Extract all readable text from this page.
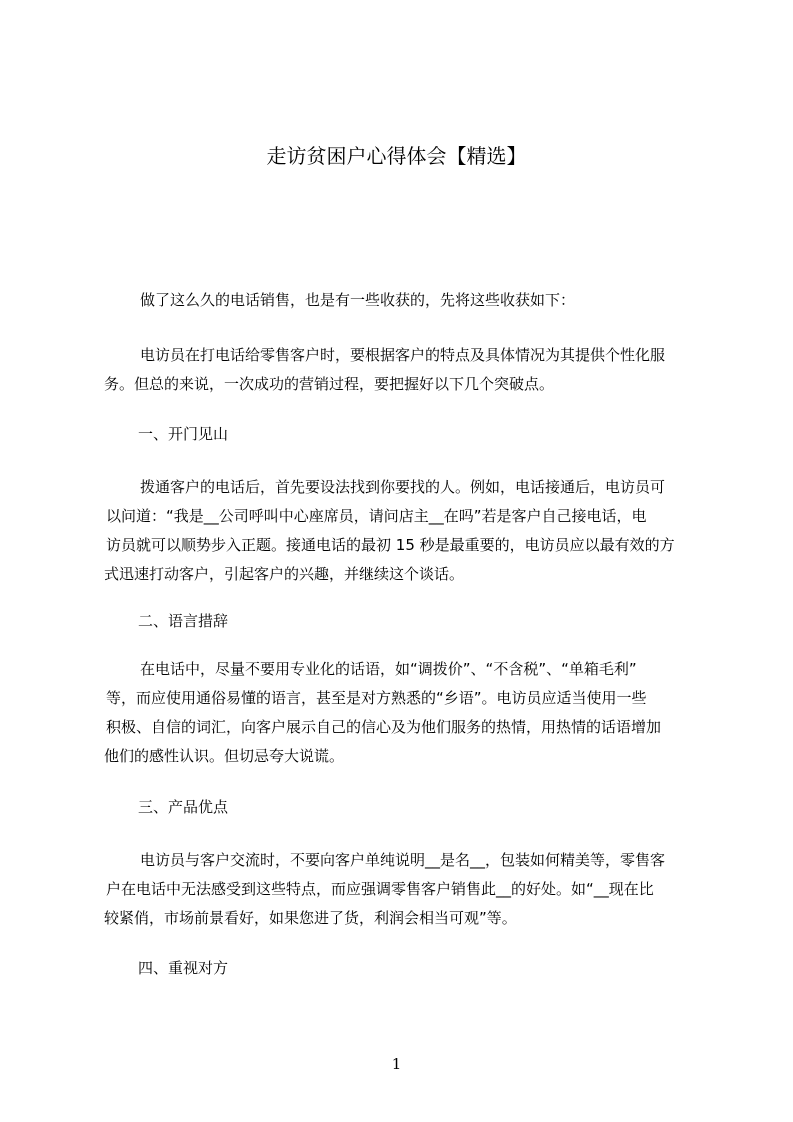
走访贫困户心得体会【精选】
做了这么久的电话销售，也是有一些收获的，先将这些收获如下：
电访员在打电话给零售客户时，要根据客户的特点及具体情况为其提供个性化服
务。但总的来说，一次成功的营销过程，要把握好以下几个突破点。
一、开门见山
拨通客户的电话后，首先要设法找到你要找的人。例如，电话接通后，电访员可
以问道：“我是__公司呼叫中心座席员，请问店主__在吗”若是客户自己接电话，电
访员就可以顺势步入正题。接通电话的最初 15 秒是最重要的，电访员应以最有效的方
式迅速打动客户，引起客户的兴趣，并继续这个谈话。
二、语言措辞
在电话中，尽量不要用专业化的话语，如“调拨价”、“不含税”、“单箱毛利”
等，而应使用通俗易懂的语言，甚至是对方熟悉的“乡语”。电访员应适当使用一些
积极、自信的词汇，向客户展示自己的信心及为他们服务的热情，用热情的话语增加
他们的感性认识。但切忌夸大说谎。
三、产品优点
电访员与客户交流时，不要向客户单纯说明__是名__，包装如何精美等，零售客
户在电话中无法感受到这些特点，而应强调零售客户销售此__的好处。如“__现在比
较紧俏，市场前景看好，如果您进了货，利润会相当可观”等。
四、重视对方
1
